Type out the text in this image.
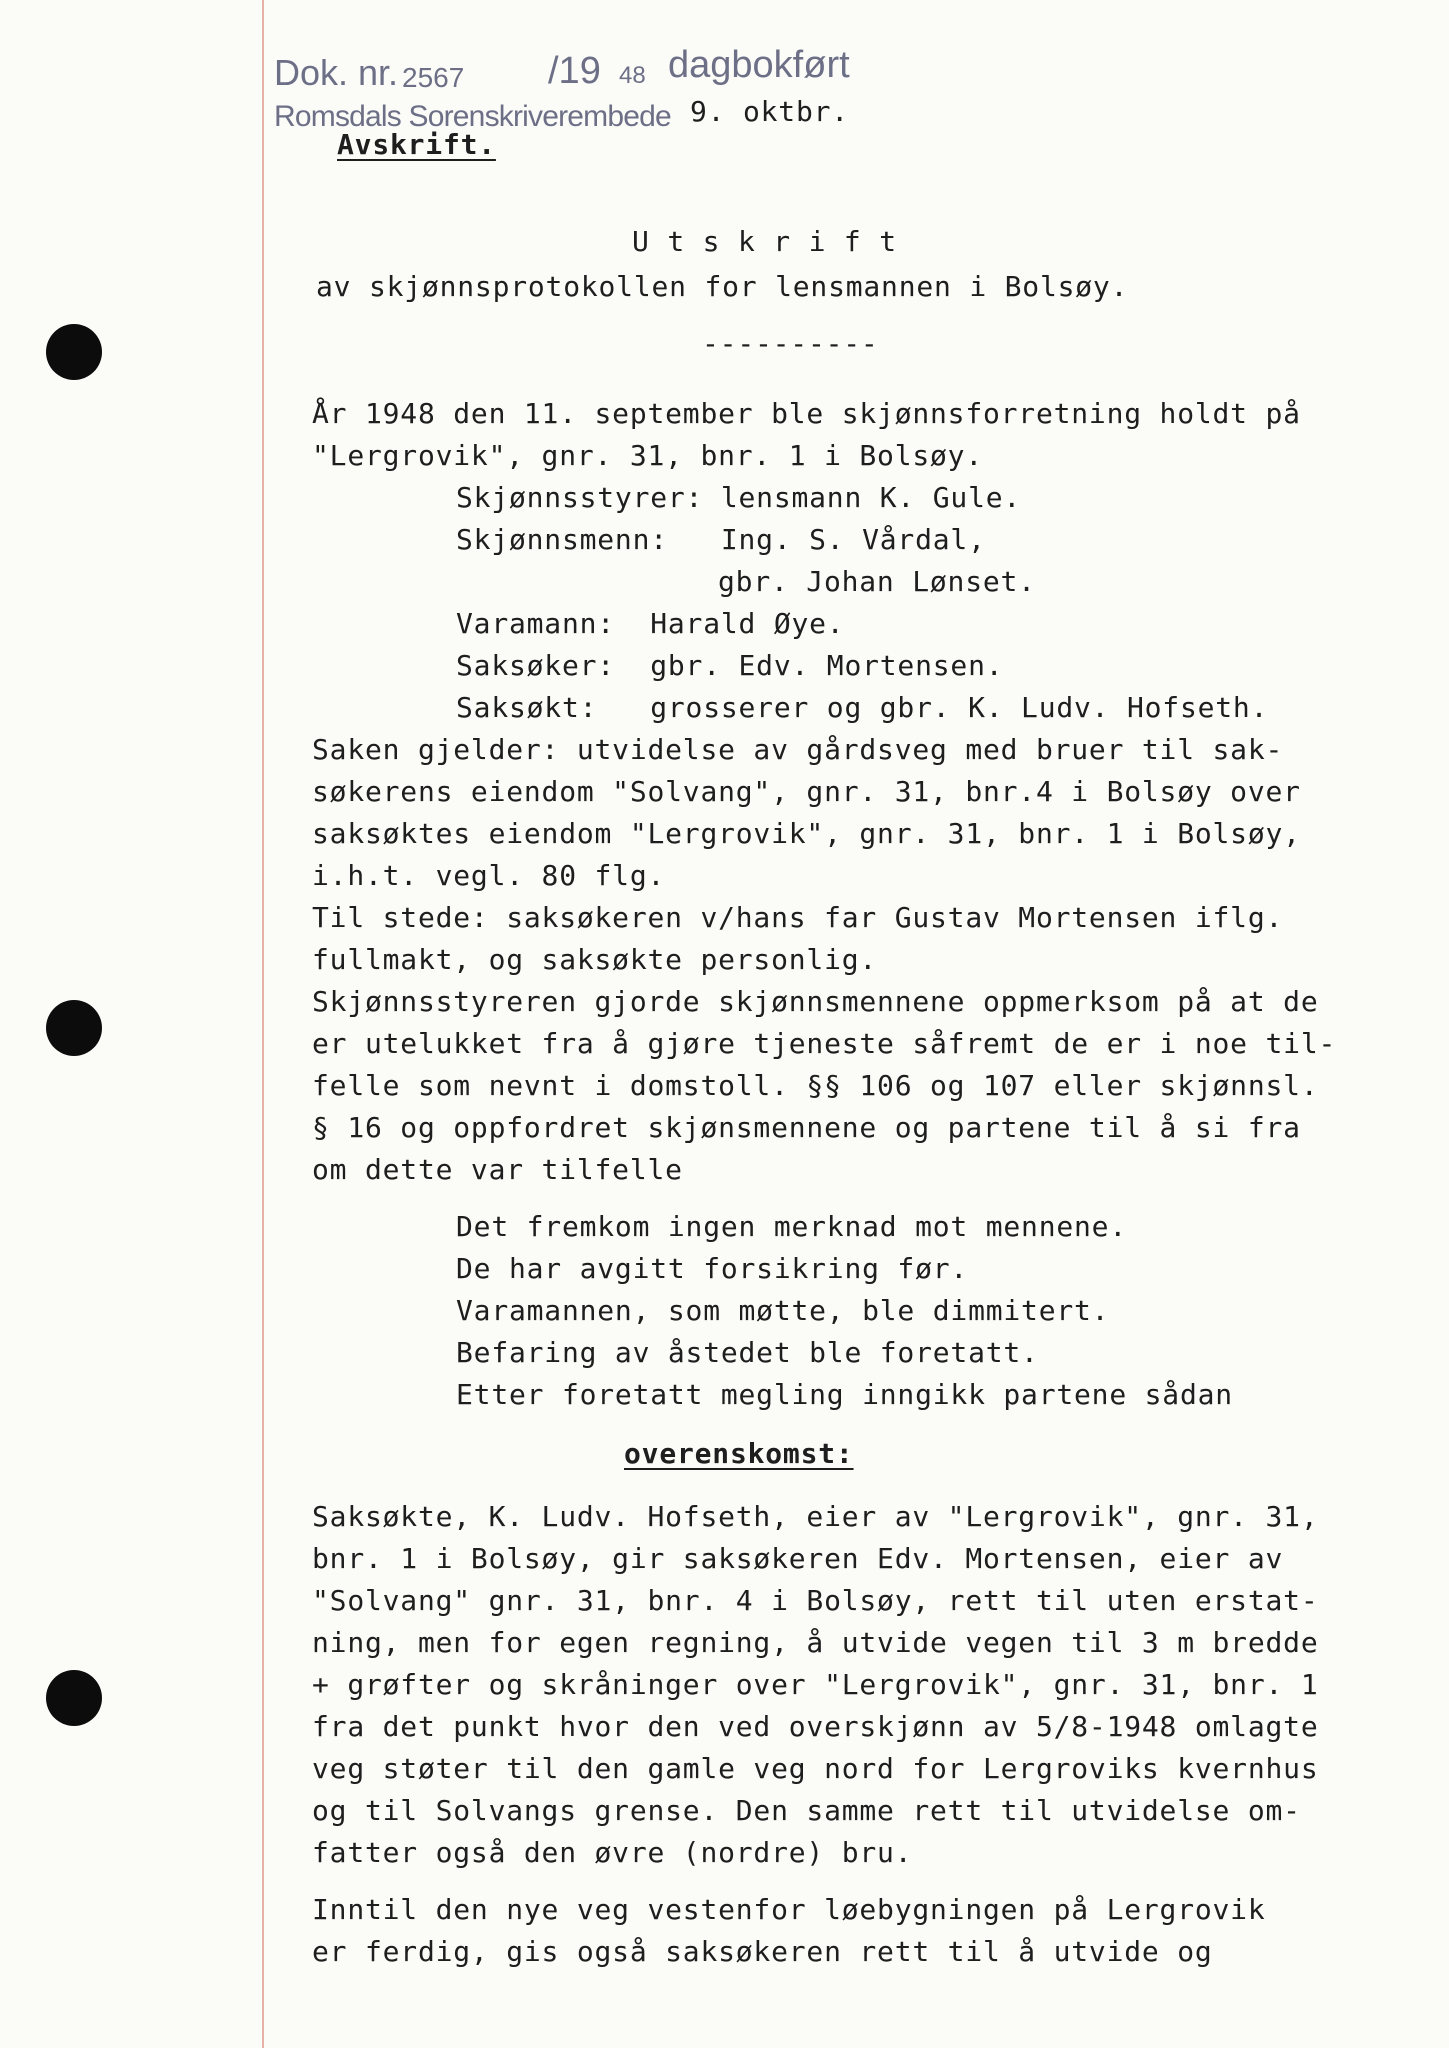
Dok. nr. 2567 /19 48 dagbokført
Romsdals Sorenskriverembede 9. oktbr.
Avskrift.
U t s k r i f t
av skjønnsprotokollen for lensmannen i Bolsøy.
----------
År 1948 den 11. september ble skjønnsforretning holdt på
"Lergrovik", gnr. 31, bnr. 1 i Bolsøy.
Skjønnsstyrer: lensmann K. Gule.
Skjønnsmenn:   Ing. S. Vårdal,
gbr. Johan Lønset.
Varamann:  Harald Øye.
Saksøker:  gbr. Edv. Mortensen.
Saksøkt:   grosserer og gbr. K. Ludv. Hofseth.
Saken gjelder: utvidelse av gårdsveg med bruer til sak-
søkerens eiendom "Solvang", gnr. 31, bnr.4 i Bolsøy over
saksøktes eiendom "Lergrovik", gnr. 31, bnr. 1 i Bolsøy,
i.h.t. vegl. 80 flg.
Til stede: saksøkeren v/hans far Gustav Mortensen iflg.
fullmakt, og saksøkte personlig.
Skjønnsstyreren gjorde skjønnsmennene oppmerksom på at de
er utelukket fra å gjøre tjeneste såfremt de er i noe til-
felle som nevnt i domstoll. §§ 106 og 107 eller skjønnsl.
§ 16 og oppfordret skjønsmennene og partene til å si fra
om dette var tilfelle
Det fremkom ingen merknad mot mennene.
De har avgitt forsikring før.
Varamannen, som møtte, ble dimmitert.
Befaring av åstedet ble foretatt.
Etter foretatt megling inngikk partene sådan
overenskomst:
Saksøkte, K. Ludv. Hofseth, eier av "Lergrovik", gnr. 31,
bnr. 1 i Bolsøy, gir saksøkeren Edv. Mortensen, eier av
"Solvang" gnr. 31, bnr. 4 i Bolsøy, rett til uten erstat-
ning, men for egen regning, å utvide vegen til 3 m bredde
+ grøfter og skråninger over "Lergrovik", gnr. 31, bnr. 1
fra det punkt hvor den ved overskjønn av 5/8-1948 omlagte
veg støter til den gamle veg nord for Lergroviks kvernhus
og til Solvangs grense. Den samme rett til utvidelse om-
fatter også den øvre (nordre) bru.
Inntil den nye veg vestenfor løebygningen på Lergrovik
er ferdig, gis også saksøkeren rett til å utvide og
